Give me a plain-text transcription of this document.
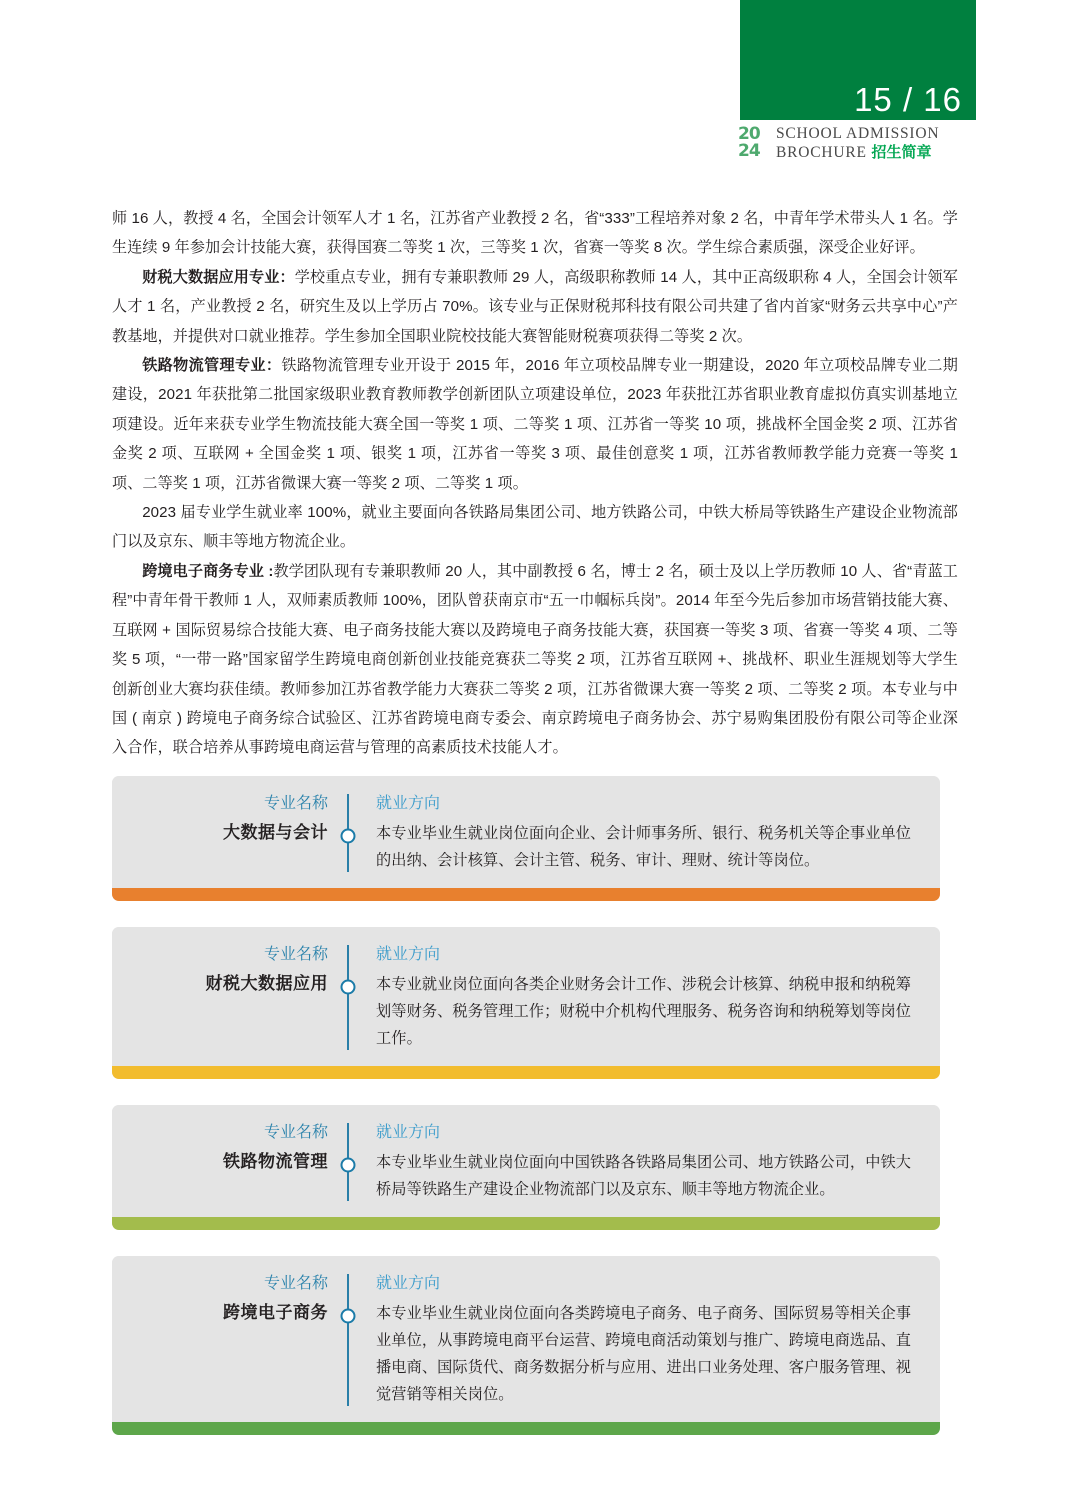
15 / 16
20
24
SCHOOL ADMISSION
BROCHURE 招生简章

师 16 人，教授 4 名，全国会计领军人才 1 名，江苏省产业教授 2 名，省“333”工程培养对象 2 名，中青年学术带头人 1 名。学生连续 9 年参加会计技能大赛，获得国赛二等奖 1 次，三等奖 1 次，省赛一等奖 8 次。学生综合素质强，深受企业好评。

财税大数据应用专业：学校重点专业，拥有专兼职教师 29 人，高级职称教师 14 人，其中正高级职称 4 人，全国会计领军人才 1 名，产业教授 2 名，研究生及以上学历占 70%。该专业与正保财税邦科技有限公司共建了省内首家“财务云共享中心”产教基地，并提供对口就业推荐。学生参加全国职业院校技能大赛智能财税赛项获得二等奖 2 次。

铁路物流管理专业：铁路物流管理专业开设于 2015 年，2016 年立项校品牌专业一期建设，2020 年立项校品牌专业二期建设，2021 年获批第二批国家级职业教育教师教学创新团队立项建设单位，2023 年获批江苏省职业教育虚拟仿真实训基地立项建设。近年来获专业学生物流技能大赛全国一等奖 1 项、二等奖 1 项、江苏省一等奖 10 项，挑战杯全国金奖 2 项、江苏省金奖 2 项、互联网 + 全国金奖 1 项、银奖 1 项，江苏省一等奖 3 项、最佳创意奖 1 项，江苏省教师教学能力竞赛一等奖 1 项、二等奖 1 项，江苏省微课大赛一等奖 2 项、二等奖 1 项。

2023 届专业学生就业率 100%，就业主要面向各铁路局集团公司、地方铁路公司，中铁大桥局等铁路生产建设企业物流部门以及京东、顺丰等地方物流企业。

跨境电子商务专业 :教学团队现有专兼职教师 20 人，其中副教授 6 名，博士 2 名，硕士及以上学历教师 10 人、省“青蓝工程”中青年骨干教师 1 人，双师素质教师 100%，团队曾获南京市“五一巾帼标兵岗”。2014 年至今先后参加市场营销技能大赛、互联网 + 国际贸易综合技能大赛、电子商务技能大赛以及跨境电子商务技能大赛，获国赛一等奖 3 项、省赛一等奖 4 项、二等奖 5 项，“一带一路”国家留学生跨境电商创新创业技能竞赛获二等奖 2 项，江苏省互联网 +、挑战杯、职业生涯规划等大学生创新创业大赛均获佳绩。教师参加江苏省教学能力大赛获二等奖 2 项，江苏省微课大赛一等奖 2 项、二等奖 2 项。本专业与中国 ( 南京 ) 跨境电子商务综合试验区、江苏省跨境电商专委会、南京跨境电子商务协会、苏宁易购集团股份有限公司等企业深入合作，联合培养从事跨境电商运营与管理的高素质技术技能人才。

专业名称
大数据与会计
就业方向
本专业毕业生就业岗位面向企业、会计师事务所、银行、税务机关等企事业单位的出纳、会计核算、会计主管、税务、审计、理财、统计等岗位。
专业名称
财税大数据应用
就业方向
本专业就业岗位面向各类企业财务会计工作、涉税会计核算、纳税申报和纳税筹划等财务、税务管理工作；财税中介机构代理服务、税务咨询和纳税筹划等岗位工作。
专业名称
铁路物流管理
就业方向
本专业毕业生就业岗位面向中国铁路各铁路局集团公司、地方铁路公司，中铁大桥局等铁路生产建设企业物流部门以及京东、顺丰等地方物流企业。
专业名称
跨境电子商务
就业方向
本专业毕业生就业岗位面向各类跨境电子商务、电子商务、国际贸易等相关企事业单位，从事跨境电商平台运营、跨境电商活动策划与推广、跨境电商选品、直播电商、国际货代、商务数据分析与应用、进出口业务处理、客户服务管理、视觉营销等相关岗位。
